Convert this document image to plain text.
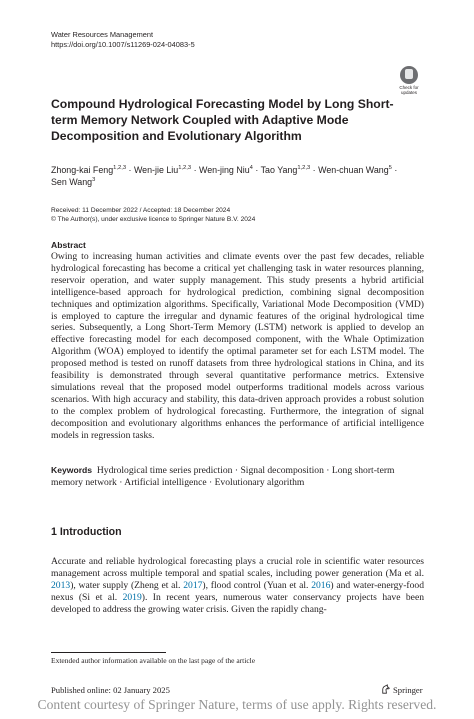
Water Resources Management
https://doi.org/10.1007/s11269-024-04083-5
Check for
updates
Compound Hydrological Forecasting Model by Long Short-term Memory Network Coupled with Adaptive Mode Decomposition and Evolutionary Algorithm
Zhong-kai Feng$^{1,2,3}$ · Wen-jie Liu$^{1,2,3}$ · Wen-jing Niu$^4$ · Tao Yang$^{1,2,3}$ · Wen-chuan Wang$^5$ · Sen Wang$^3$
Received: 11 December 2022 / Accepted: 18 December 2024
© The Author(s), under exclusive licence to Springer Nature B.V. 2024
Abstract
Owing to increasing human activities and climate events over the past few decades, reliable hydrological forecasting has become a critical yet challenging task in water resources planning, reservoir operation, and water supply management. This study presents a hybrid artificial intelligence-based approach for hydrological prediction, combining signal decomposition techniques and optimization algorithms. Specifically, Variational Mode Decomposition (VMD) is employed to capture the irregular and dynamic features of the original hydrological time series. Subsequently, a Long Short-Term Memory (LSTM) network is applied to develop an effective forecasting model for each decomposed component, with the Whale Optimization Algorithm (WOA) employed to identify the optimal parameter set for each LSTM model. The proposed method is tested on runoff datasets from three hydrological stations in China, and its feasibility is demonstrated through several quantitative performance metrics. Extensive simulations reveal that the proposed model outperforms traditional models across various scenarios. With high accuracy and stability, this data-driven approach provides a robust solution to the complex problem of hydrological forecasting. Furthermore, the integration of signal decomposition and evolutionary algorithms enhances the performance of artificial intelligence models in regression tasks.
Keywords Hydrological time series prediction · Signal decomposition · Long short-term memory network · Artificial intelligence · Evolutionary algorithm
1 Introduction
Accurate and reliable hydrological forecasting plays a crucial role in scientific water resources management across multiple temporal and spatial scales, including power generation (Ma et al. 2013), water supply (Zheng et al. 2017), flood control (Yuan et al. 2016) and water-energy-food nexus (Si et al. 2019). In recent years, numerous water conservancy projects have been developed to address the growing water crisis. Given the rapidly chang-
Extended author information available on the last page of the article
Published online: 02 January 2025	Springer
Content courtesy of Springer Nature, terms of use apply. Rights reserved.
